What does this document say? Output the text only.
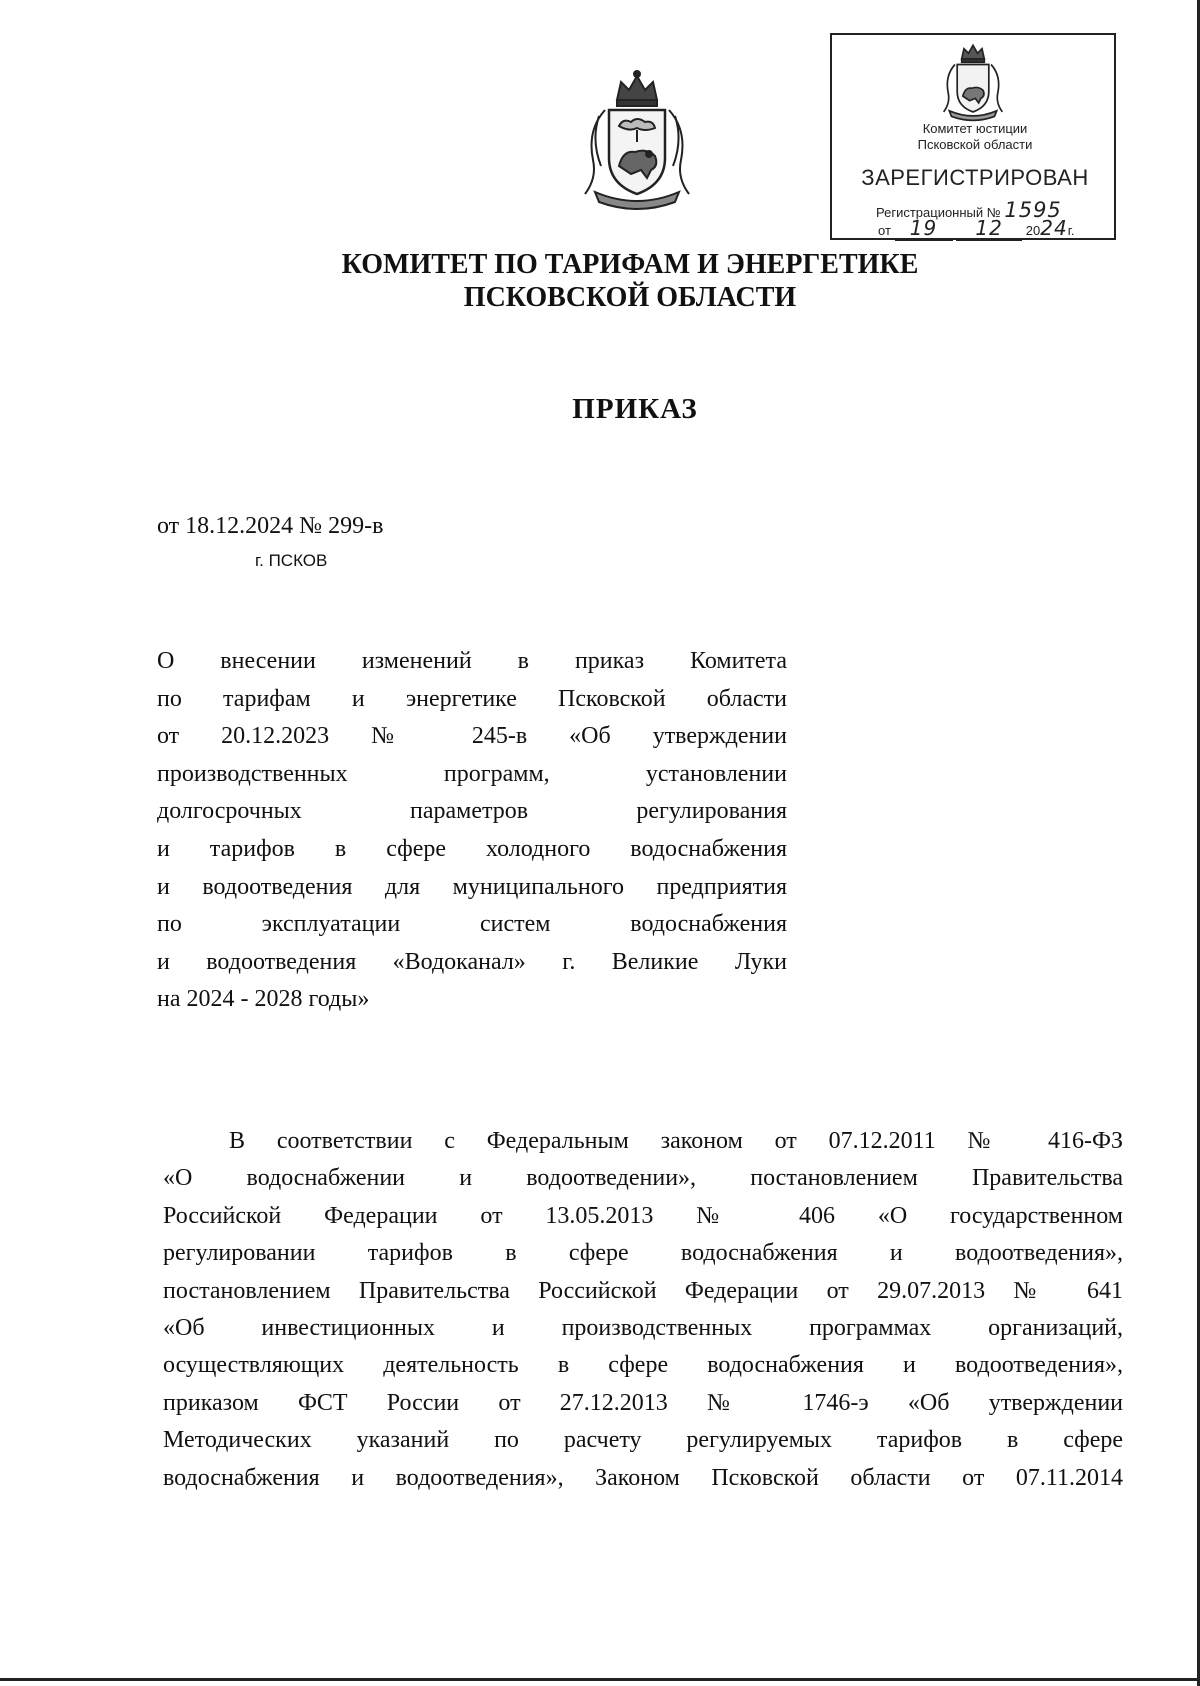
Комитет юстиции
Псковской области
ЗАРЕГИСТРИРОВАН
Регистрационный № 1595
от 19 12 2024г.
КОМИТЕТ ПО ТАРИФАМ И ЭНЕРГЕТИКЕ
ПСКОВСКОЙ ОБЛАСТИ
ПРИКАЗ
от 18.12.2024 № 299-в
г. ПСКОВ
О внесении изменений в приказ Комитета
по тарифам и энергетике Псковской области
от 20.12.2023 № 245-в «Об утверждении
производственных программ, установлении
долгосрочных параметров регулирования
и тарифов в сфере холодного водоснабжения
и водоотведения для муниципального предприятия
по эксплуатации систем водоснабжения
и водоотведения «Водоканал» г. Великие Луки
на 2024 - 2028 годы»
В соответствии с Федеральным законом от 07.12.2011 № 416-ФЗ
«О водоснабжении и водоотведении», постановлением Правительства
Российской Федерации от 13.05.2013 № 406 «О государственном
регулировании тарифов в сфере водоснабжения и водоотведения»,
постановлением Правительства Российской Федерации от 29.07.2013 № 641
«Об инвестиционных и производственных программах организаций,
осуществляющих деятельность в сфере водоснабжения и водоотведения»,
приказом ФСТ России от 27.12.2013 № 1746-э «Об утверждении
Методических указаний по расчету регулируемых тарифов в сфере
водоснабжения и водоотведения», Законом Псковской области от 07.11.2014
